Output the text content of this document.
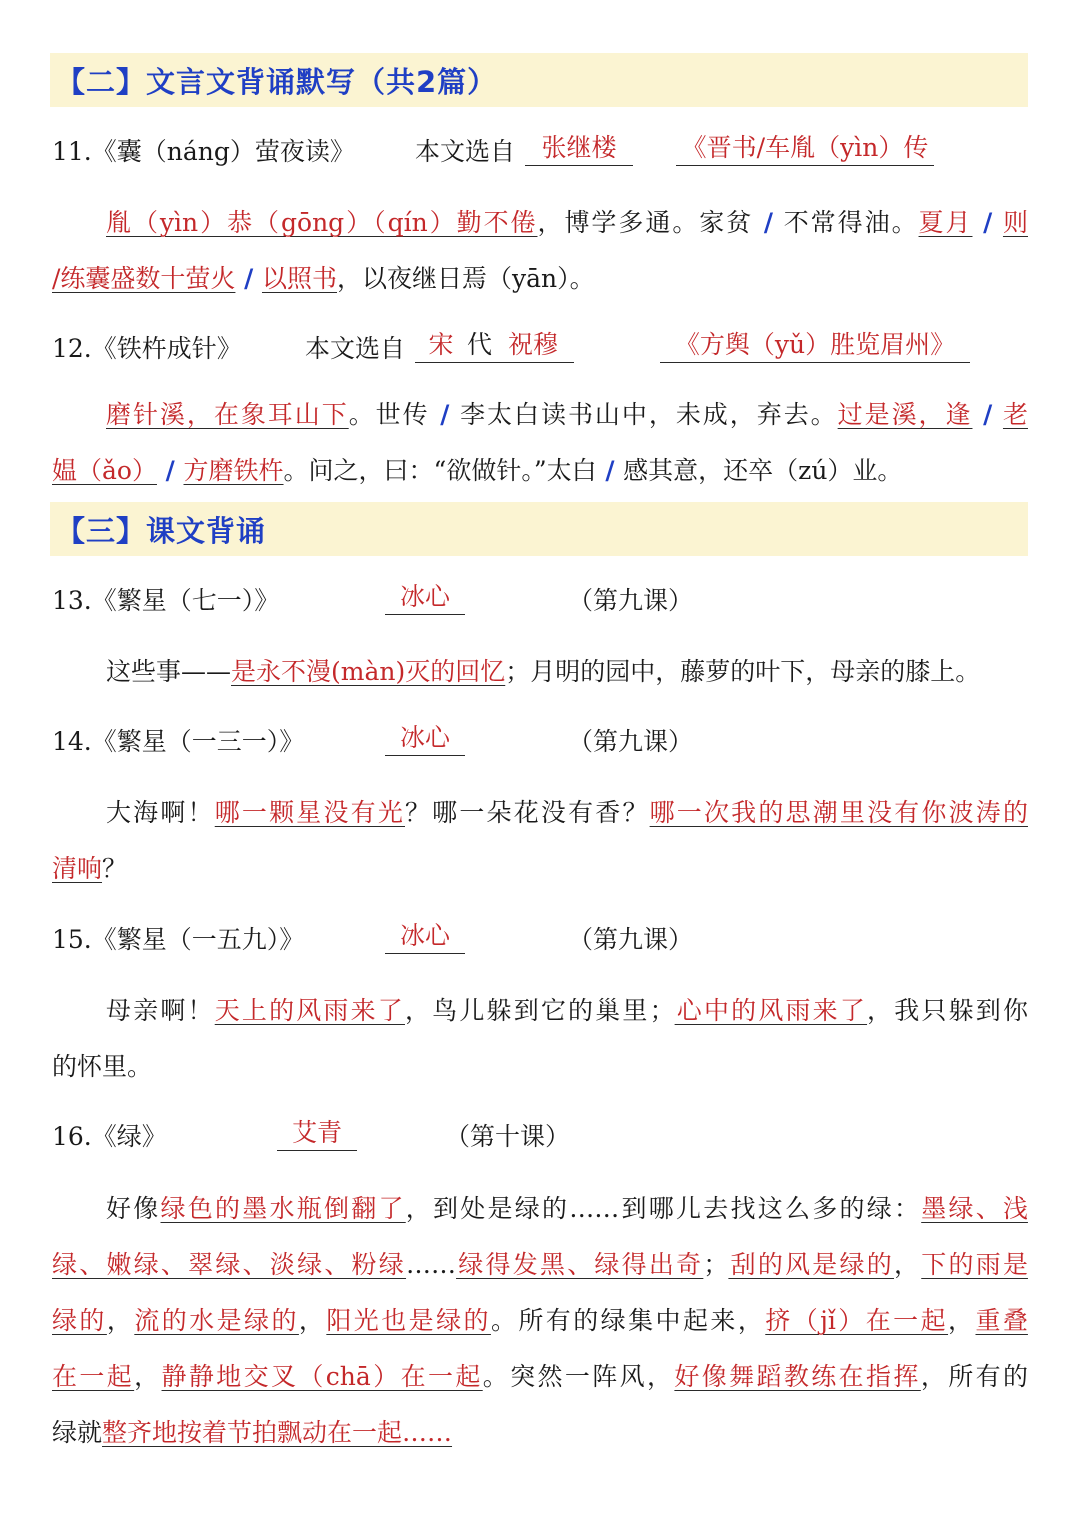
【二】文言文背诵默写（共2篇）
11.《囊（náng）萤夜读》 本文选自	张继楼	《晋书/车胤（yìn）传
胤（yìn）恭（gōng）（qín）勤不倦，博学多通。家贫 / 不常得油。夏月 / 则
/练囊盛数十萤火 / 以照书，以夜继日焉（yān）。
12.《铁杵成针》	本文选自 宋 代 祝穆	《方舆（yǔ）胜览眉州》
磨针溪，在象耳山下。世传 / 李太白读书山中，未成，弃去。过是溪，逢 / 老
媪（ǎo） / 方磨铁杵。问之，曰：“欲做针。”太白 / 感其意，还卒（zú）业。
【三】课文背诵
13.《繁星（七一）》	冰心	（第九课）
这些事——是永不漫(màn)灭的回忆；月明的园中，藤萝的叶下，母亲的膝上。
14.《繁星（一三一）》	冰心	（第九课）
大海啊！哪一颗星没有光？哪一朵花没有香？哪一次我的思潮里没有你波涛的
清响？
15.《繁星（一五九）》	冰心	（第九课）
母亲啊！天上的风雨来了，鸟儿躲到它的巢里；心中的风雨来了，我只躲到你
的怀里。
16.《绿》	艾青	（第十课）
好像绿色的墨水瓶倒翻了，到处是绿的……到哪儿去找这么多的绿：墨绿、浅
绿、嫩绿、翠绿、淡绿、粉绿……绿得发黑、绿得出奇；刮的风是绿的，下的雨是
绿的，流的水是绿的，阳光也是绿的。所有的绿集中起来，挤（jǐ）在一起，重叠
在一起，静静地交叉（chā）在一起。突然一阵风，好像舞蹈教练在指挥，所有的
绿就整齐地按着节拍飘动在一起……
